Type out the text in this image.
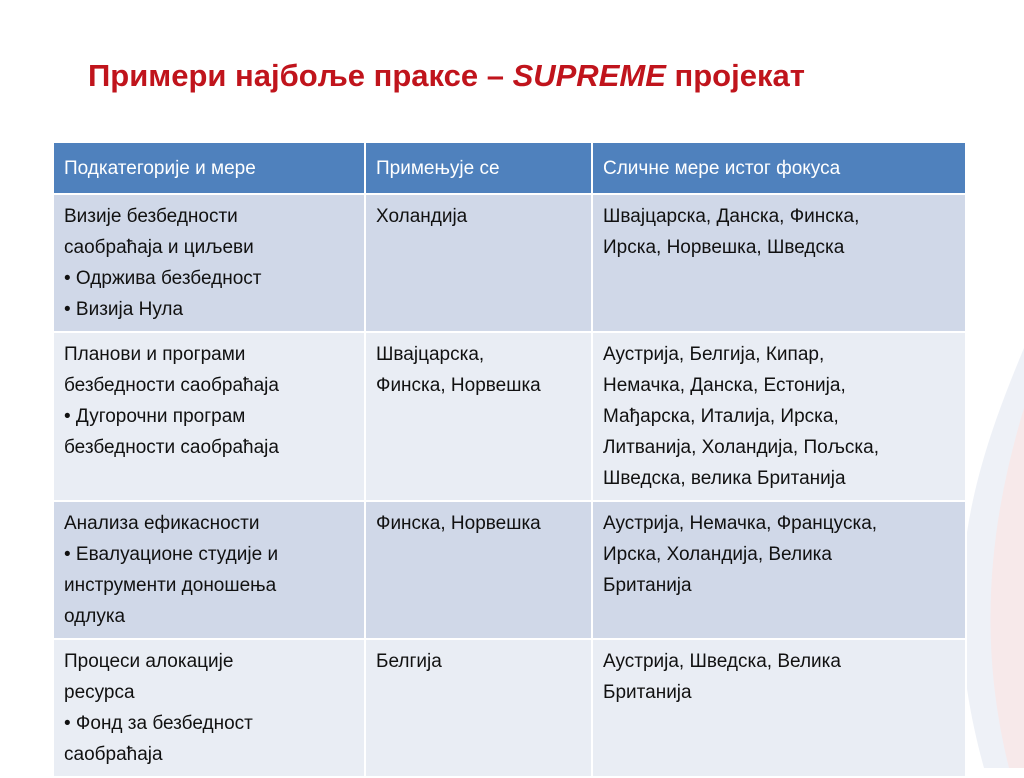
Примери најбоље праксе – SUPREME пројекат
Подкатегорије и мере	Примењује се	Сличне мере истог фокуса

Визије безбедности
саобраћаја и циљеви
• Одржива безбедност
• Визија Нула	Холандија	Швајцарска, Данска, Финска,
Ирска, Норвешка, Шведска

Планови и програми
безбедности саобраћаја
• Дугорочни програм
безбедности саобраћаја	Швајцарска,
Финска, Норвешка	Аустрија, Белгија, Кипар,
Немачка, Данска, Естонија,
Мађарска, Италија, Ирска,
Литванија, Холандија, Пољска,
Шведска, велика Британија

Анализа ефикасности
• Евалуационе студије и
инструменти доношења
одлука	Финска, Норвешка	Аустрија, Немачка, Француска,
Ирска, Холандија, Велика
Британија

Процеси алокације
ресурса
• Фонд за безбедност
саобраћаја	Белгија	Аустрија, Шведска, Велика
Британија
